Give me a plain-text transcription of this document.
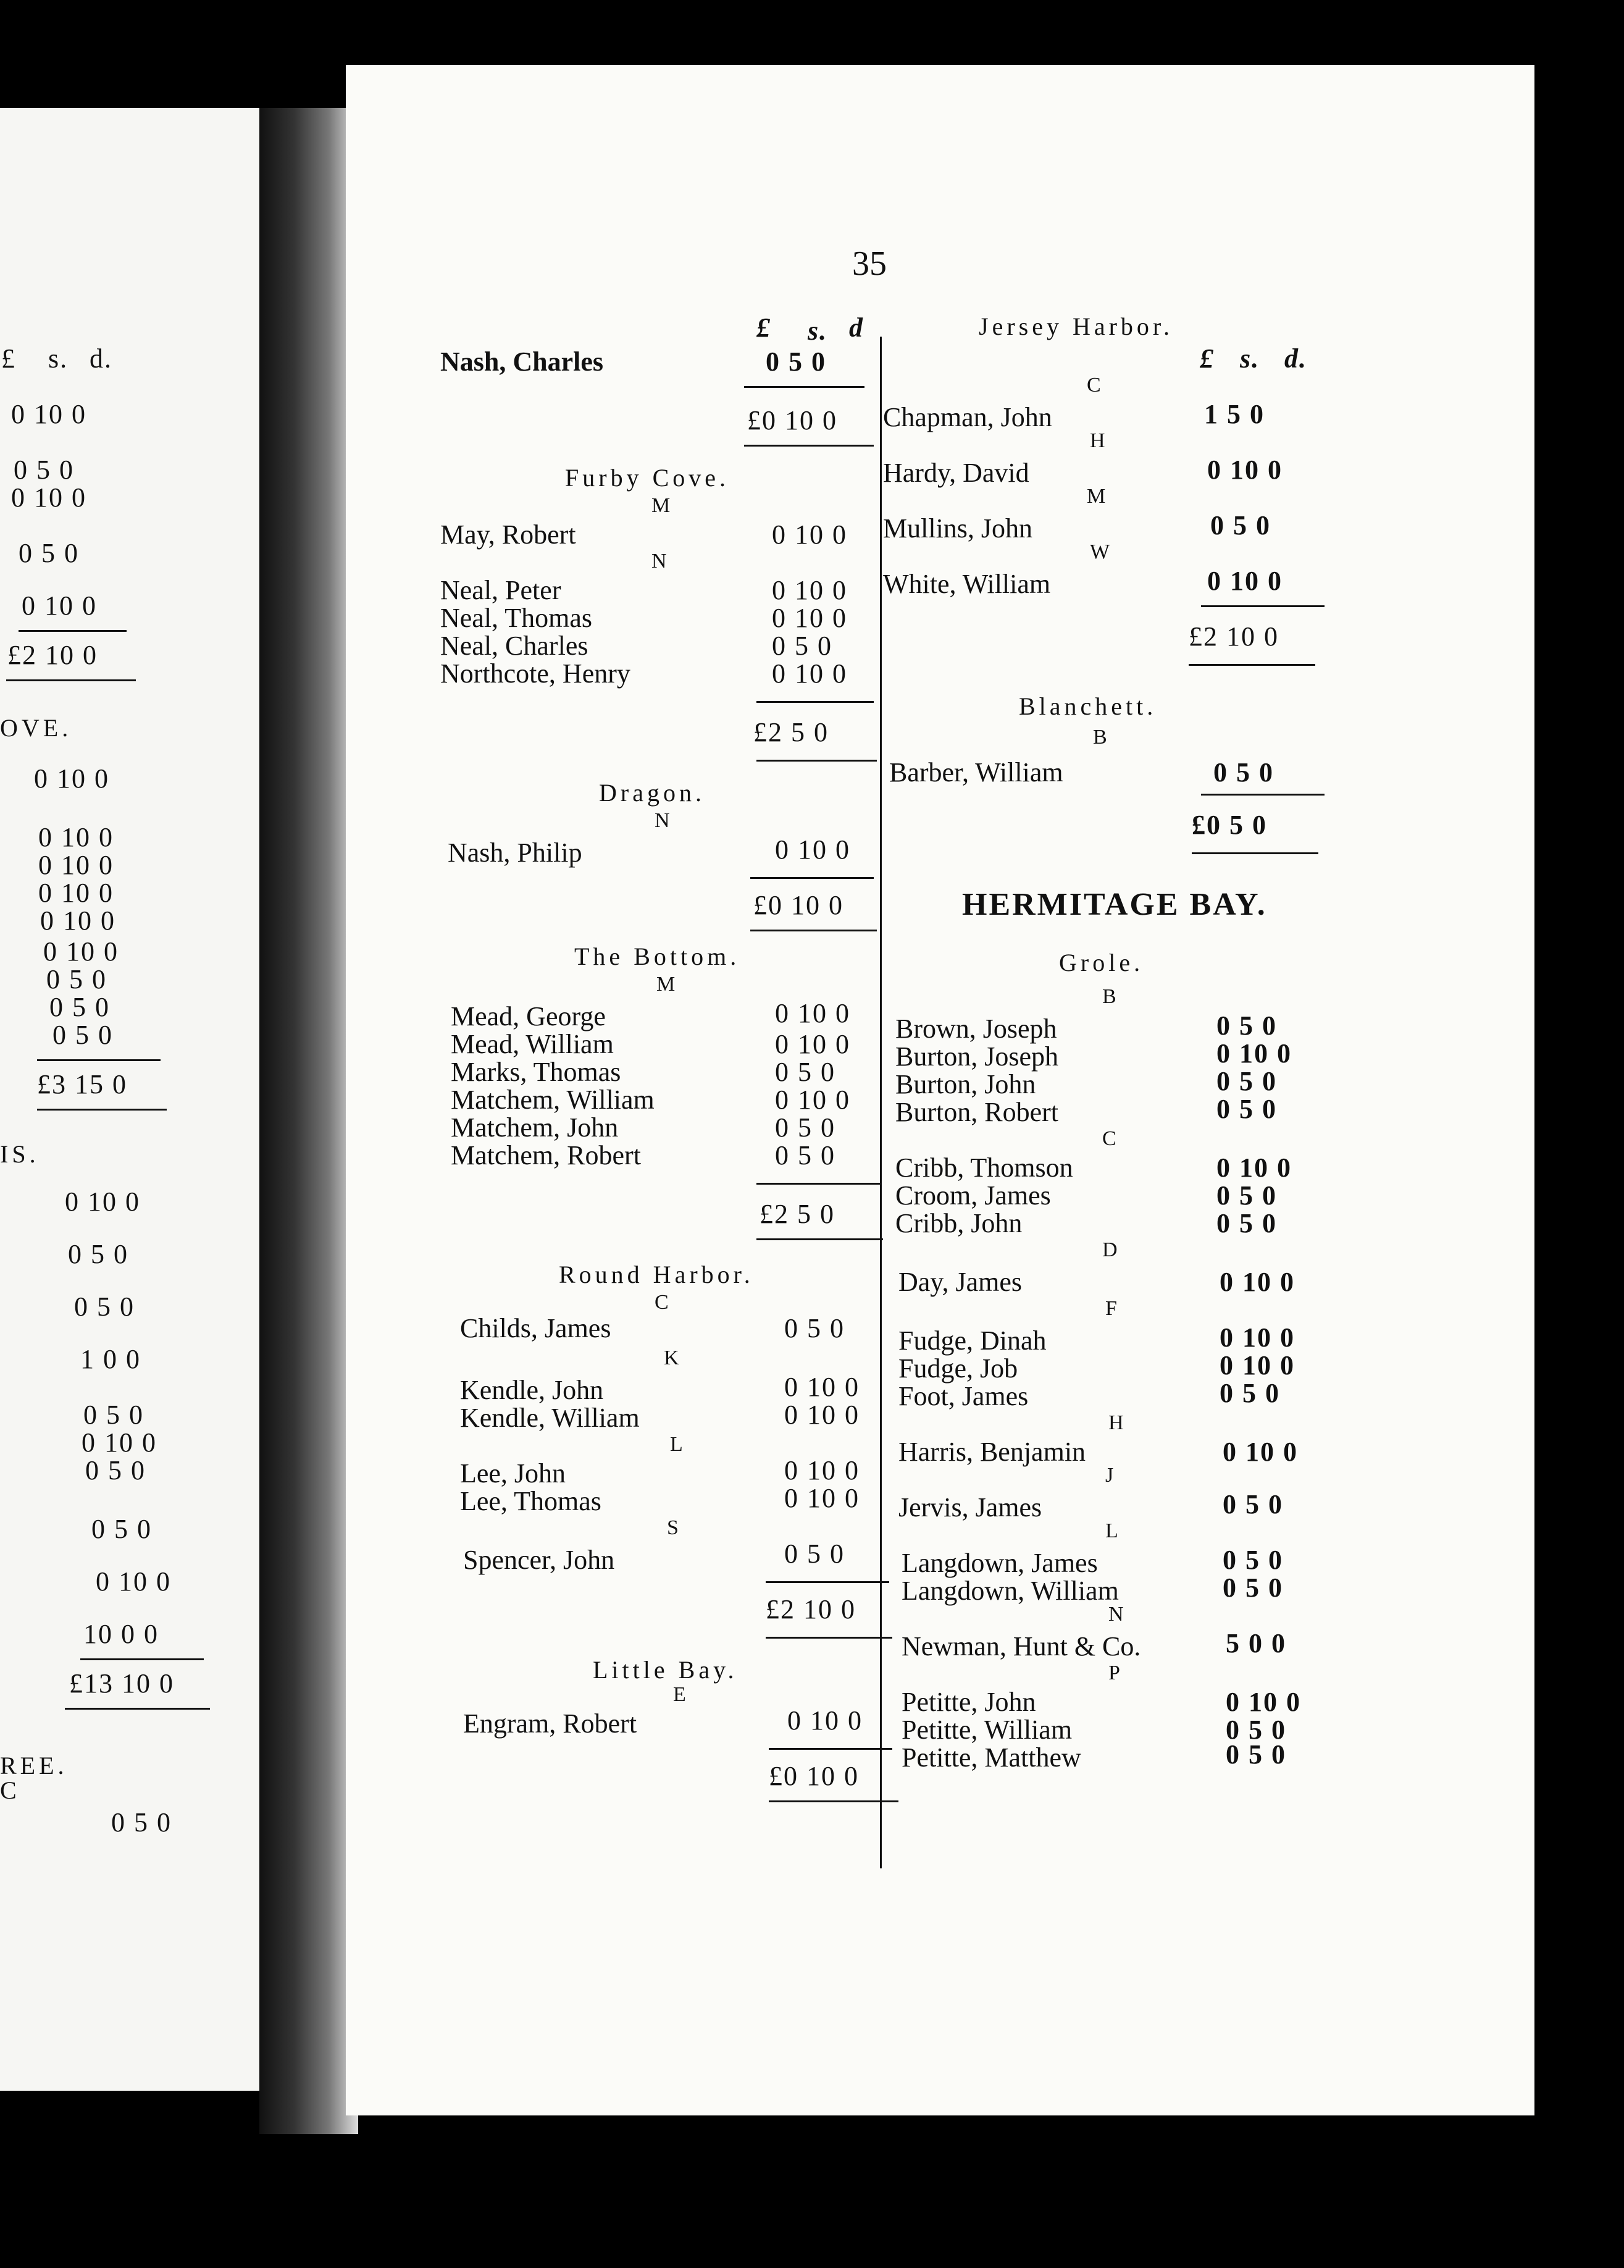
£ s. d.
0 10 0
0 5 0
0 10 0
0 5 0
0 10 0
£2 10 0
OVE.
0 10 0
0 10 0
0 10 0
0 10 0
0 10 0
0 10 0
0 5 0
0 5 0
0 5 0
£3 15 0
IS.
0 10 0
0 5 0
0 5 0
1 0 0
0 5 0
0 10 0
0 5 0
0 5 0
0 10 0
10 0 0
£13 10 0
REE.
C
0 5 0
35
£ s. d
Nash, Charles	0 5 0
£0 10 0
Furby Cove.
M
May, Robert	0 10 0
N
Neal, Peter	0 10 0
Neal, Thomas	0 10 0
Neal, Charles	0 5 0
Northcote, Henry	0 10 0
£2 5 0
Dragon.
N
Nash, Philip	0 10 0
£0 10 0
The Bottom.
M
Mead, George	0 10 0
Mead, William	0 10 0
Marks, Thomas	0 5 0
Matchem, William	0 10 0
Matchem, John	0 5 0
Matchem, Robert	0 5 0
£2 5 0
Round Harbor.
C
Childs, James	0 5 0
K
Kendle, John	0 10 0
Kendle, William	0 10 0
L
Lee, John	0 10 0
Lee, Thomas	0 10 0
S
Spencer, John	0 5 0
£2 10 0
Little Bay.
E
Engram, Robert	0 10 0
£0 10 0
Jersey Harbor.
£ s. d.
C
Chapman, John	1 5 0
H
Hardy, David	0 10 0
M
Mullins, John	0 5 0
W
White, William	0 10 0
£2 10 0
Blanchett.
B
Barber, William	0 5 0
£0 5 0
HERMITAGE BAY.
Grole.
B
Brown, Joseph	0 5 0
Burton, Joseph	0 10 0
Burton, John	0 5 0
Burton, Robert	0 5 0
C
Cribb, Thomson	0 10 0
Croom, James	0 5 0
Cribb, John	0 5 0
D
Day, James	0 10 0
F
Fudge, Dinah	0 10 0
Fudge, Job	0 10 0
Foot, James	0 5 0
H
Harris, Benjamin	0 10 0
J
Jervis, James	0 5 0
L
Langdown, James	0 5 0
Langdown, William	0 5 0
N
Newman, Hunt & Co.	5 0 0
P
Petitte, John	0 10 0
Petitte, William	0 5 0
Petitte, Matthew	0 5 0
